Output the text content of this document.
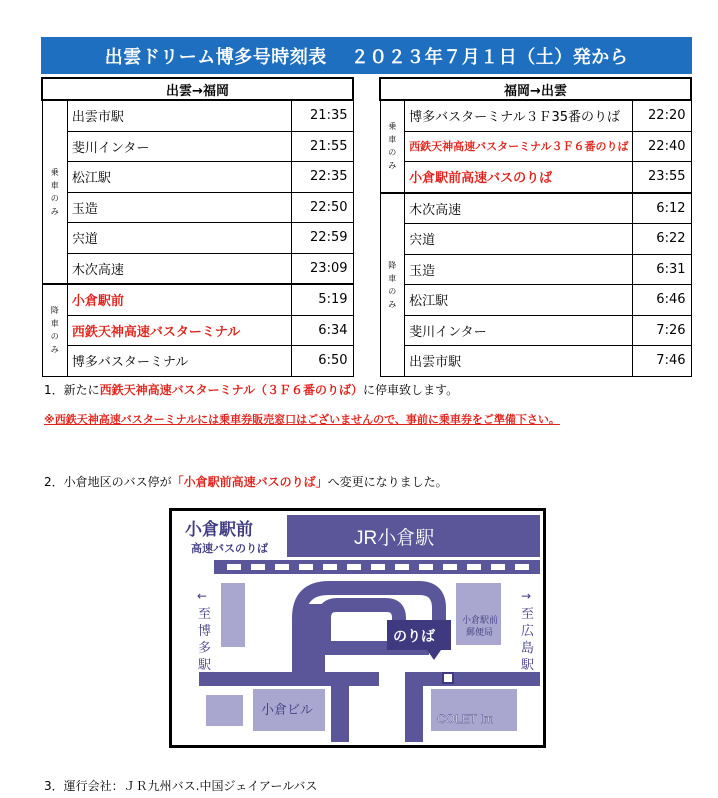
出雲ドリーム博多号時刻表 ２０２３年７月１日（土）発から
出雲→福岡		

乗
車
の
み	出雲市駅	21:35
	斐川インター	21:55
	松江駅	22:35
	玉造	22:50
	宍道	22:59
	木次高速	23:09

降
車
の
み	小倉駅前	5:19
	西鉄天神高速バスターミナル	6:34
	博多バスターミナル	6:50
福岡→出雲		

乗
車
の
み	博多バスターミナル３Ｆ35番のりば	22:20
	西鉄天神高速バスターミナル３Ｆ６番のりば	22:40
	小倉駅前高速バスのりば	23:55

降
車
の
み	木次高速	6:12
	宍道	6:22
	玉造	6:31
	松江駅	6:46
	斐川インター	7:26
	出雲市駅	7:46
1．新たに西鉄天神高速バスターミナル（３Ｆ６番のりば）に停車致します。
※西鉄天神高速バスターミナルには乗車券販売窓口はございませんので、事前に乗車券をご準備下さい。
2．小倉地区のバス停が「小倉駅前高速バスのりば」へ変更になりました。
JR小倉駅
小倉駅前
高速バスのりば
小倉駅前
郵便局
小倉ビル
COLET Im
のりば
←
至
博
多
駅
→
至
広
島
駅
3．運行会社：ＪＲ九州バス.中国ジェイアールバス
